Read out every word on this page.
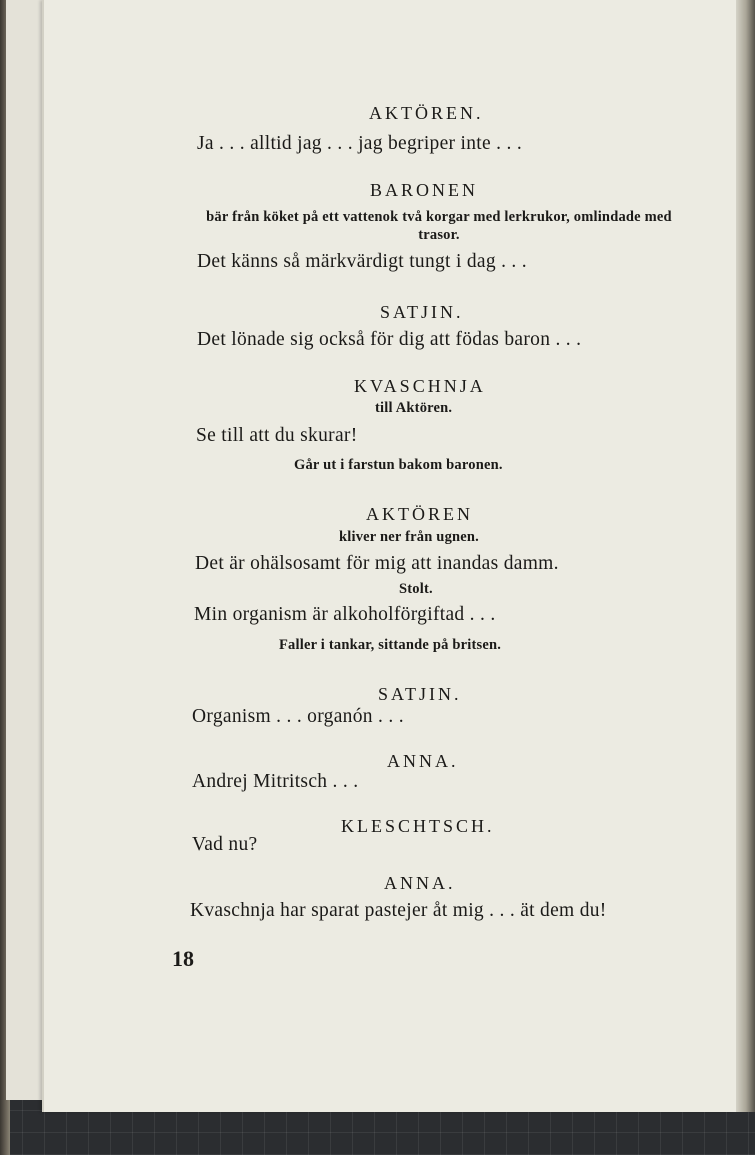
AKTÖREN.
Ja . . . alltid jag . . . jag begriper inte . . .
BARONEN
bär från köket på ett vattenok två korgar med lerkrukor, omlindade med trasor.
Det känns så märkvärdigt tungt i dag . . .
SATJIN.
Det lönade sig också för dig att födas baron . . .
KVASCHNJA
till Aktören.
Se till att du skurar!
Går ut i farstun bakom baronen.
AKTÖREN
kliver ner från ugnen.
Det är ohälsosamt för mig att inandas damm.
Stolt.
Min organism är alkoholförgiftad . . .
Faller i tankar, sittande på britsen.
SATJIN.
Organism . . . organón . . .
ANNA.
Andrej Mitritsch . . .
KLESCHTSCH.
Vad nu?
ANNA.
Kvaschnja har sparat pastejer åt mig . . . ät dem du!
18
